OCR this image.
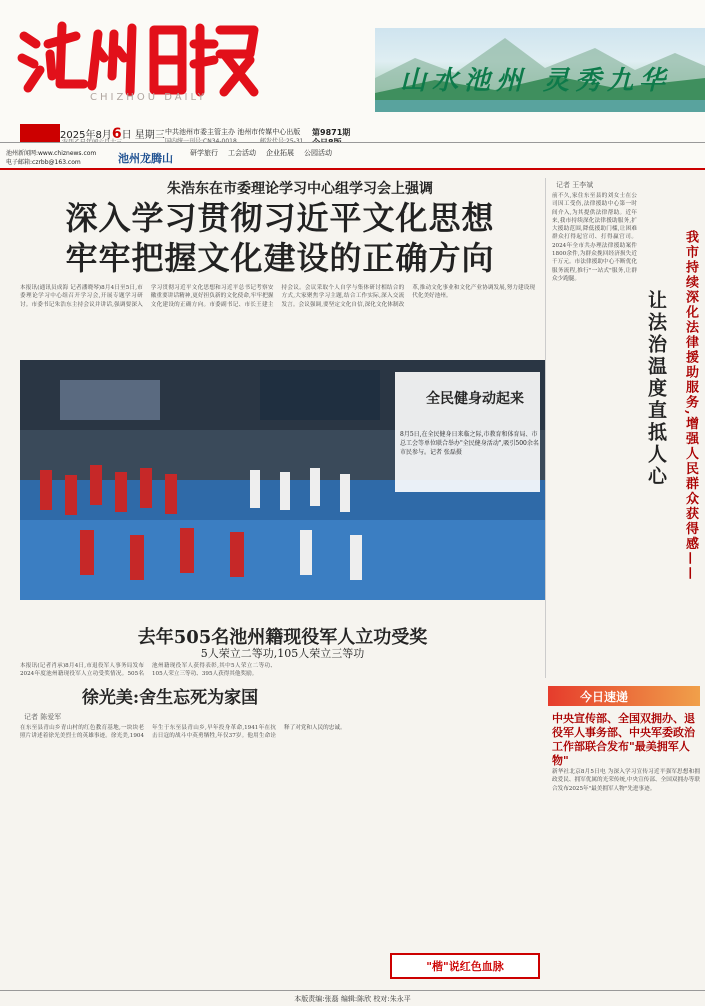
CHIZHOU DAILY
山水池州 灵秀九华
2025年8月6日 星期三 中共池州市委主管主办 池州市传媒中心出版 第9871期
池州新闻网:www.chiznews.com
电子邮箱:czrbb@163.com	池州龙腾山 研学旅行 工会活动 企业拓展 公园活动
朱浩东在市委理论学习中心组学习会上强调
深入学习贯彻习近平文化思想
牢牢把握文化建设的正确方向
本报讯(通讯员成海 记者潘晓琴)8月4日至5日,市委理论学习中心组召开学习会,开展专题学习研讨。市委书记朱浩东主持会议并讲话,强调要深入学习贯彻习近平文化思想和习近平总书记考察安徽重要讲话精神,更好担负新的文化使命,牢牢把握文化建设的正确方向。市委副书记、市长王建主持会议。会议采取个人自学与集体研讨相结合的方式,大家聚焦学习主题,结合工作实际,深入交流发言。会议强调,要坚定文化自信,深化文化体制改革,推动文化事业和文化产业协调发展,努力建设现代化美好池州。
记者 王李斌
我市持续深化法律援助服务,增强人民群众获得感——
让法治温度直抵人心
前不久,家住东至县的刘女士在公司因工受伤,法律援助中心第一时间介入,为其提供法律帮助。近年来,我市持续深化法律援助服务,扩大援助范围,降低援助门槛,让困难群众打得起官司、打得赢官司。2024年全市共办理法律援助案件1800余件,为群众挽回经济损失近千万元。市法律援助中心不断优化服务流程,推行"一站式"服务,让群众少跑腿。
全民健身动起来
8月5日,在全民健身日来临之际,市教育和体育局、市总工会等单位联合举办"全民健身活动",吸引500余名市民参与。记者 张磊摄
去年505名池州籍现役军人立功受奖
5人荣立二等功,105人荣立三等功
本报讯(记者肖承)8月4日,市退役军人事务局发布2024年度池州籍现役军人立功受奖情况。505名池州籍现役军人获得表彰,其中5人荣立二等功、105人荣立三等功、395人获得其他奖励。
徐光美:舍生忘死为家国
记者 陈爱军
在东至县青山乡青山村的红色教育基地,一块块老照片讲述着徐光美烈士的英雄事迹。徐光美,1904年生于东至县青山乡,早年投身革命,1941年在抗击日寇的战斗中英勇牺牲,年仅37岁。他用生命诠释了对党和人民的忠诚。
今日速递
中央宣传部、全国双拥办、退役军人事务部、中央军委政治工作部联合发布"最美拥军人物"
新华社北京8月5日电 为深入学习宣传习近平强军思想和拥政爱民、拥军优属的光荣传统,中央宣传部、全国双拥办等联合发布2025年"最美拥军人物"先进事迹。
"楷"说红色血脉
本版责编:张磊 编辑:陈欣 校对:朱永平
